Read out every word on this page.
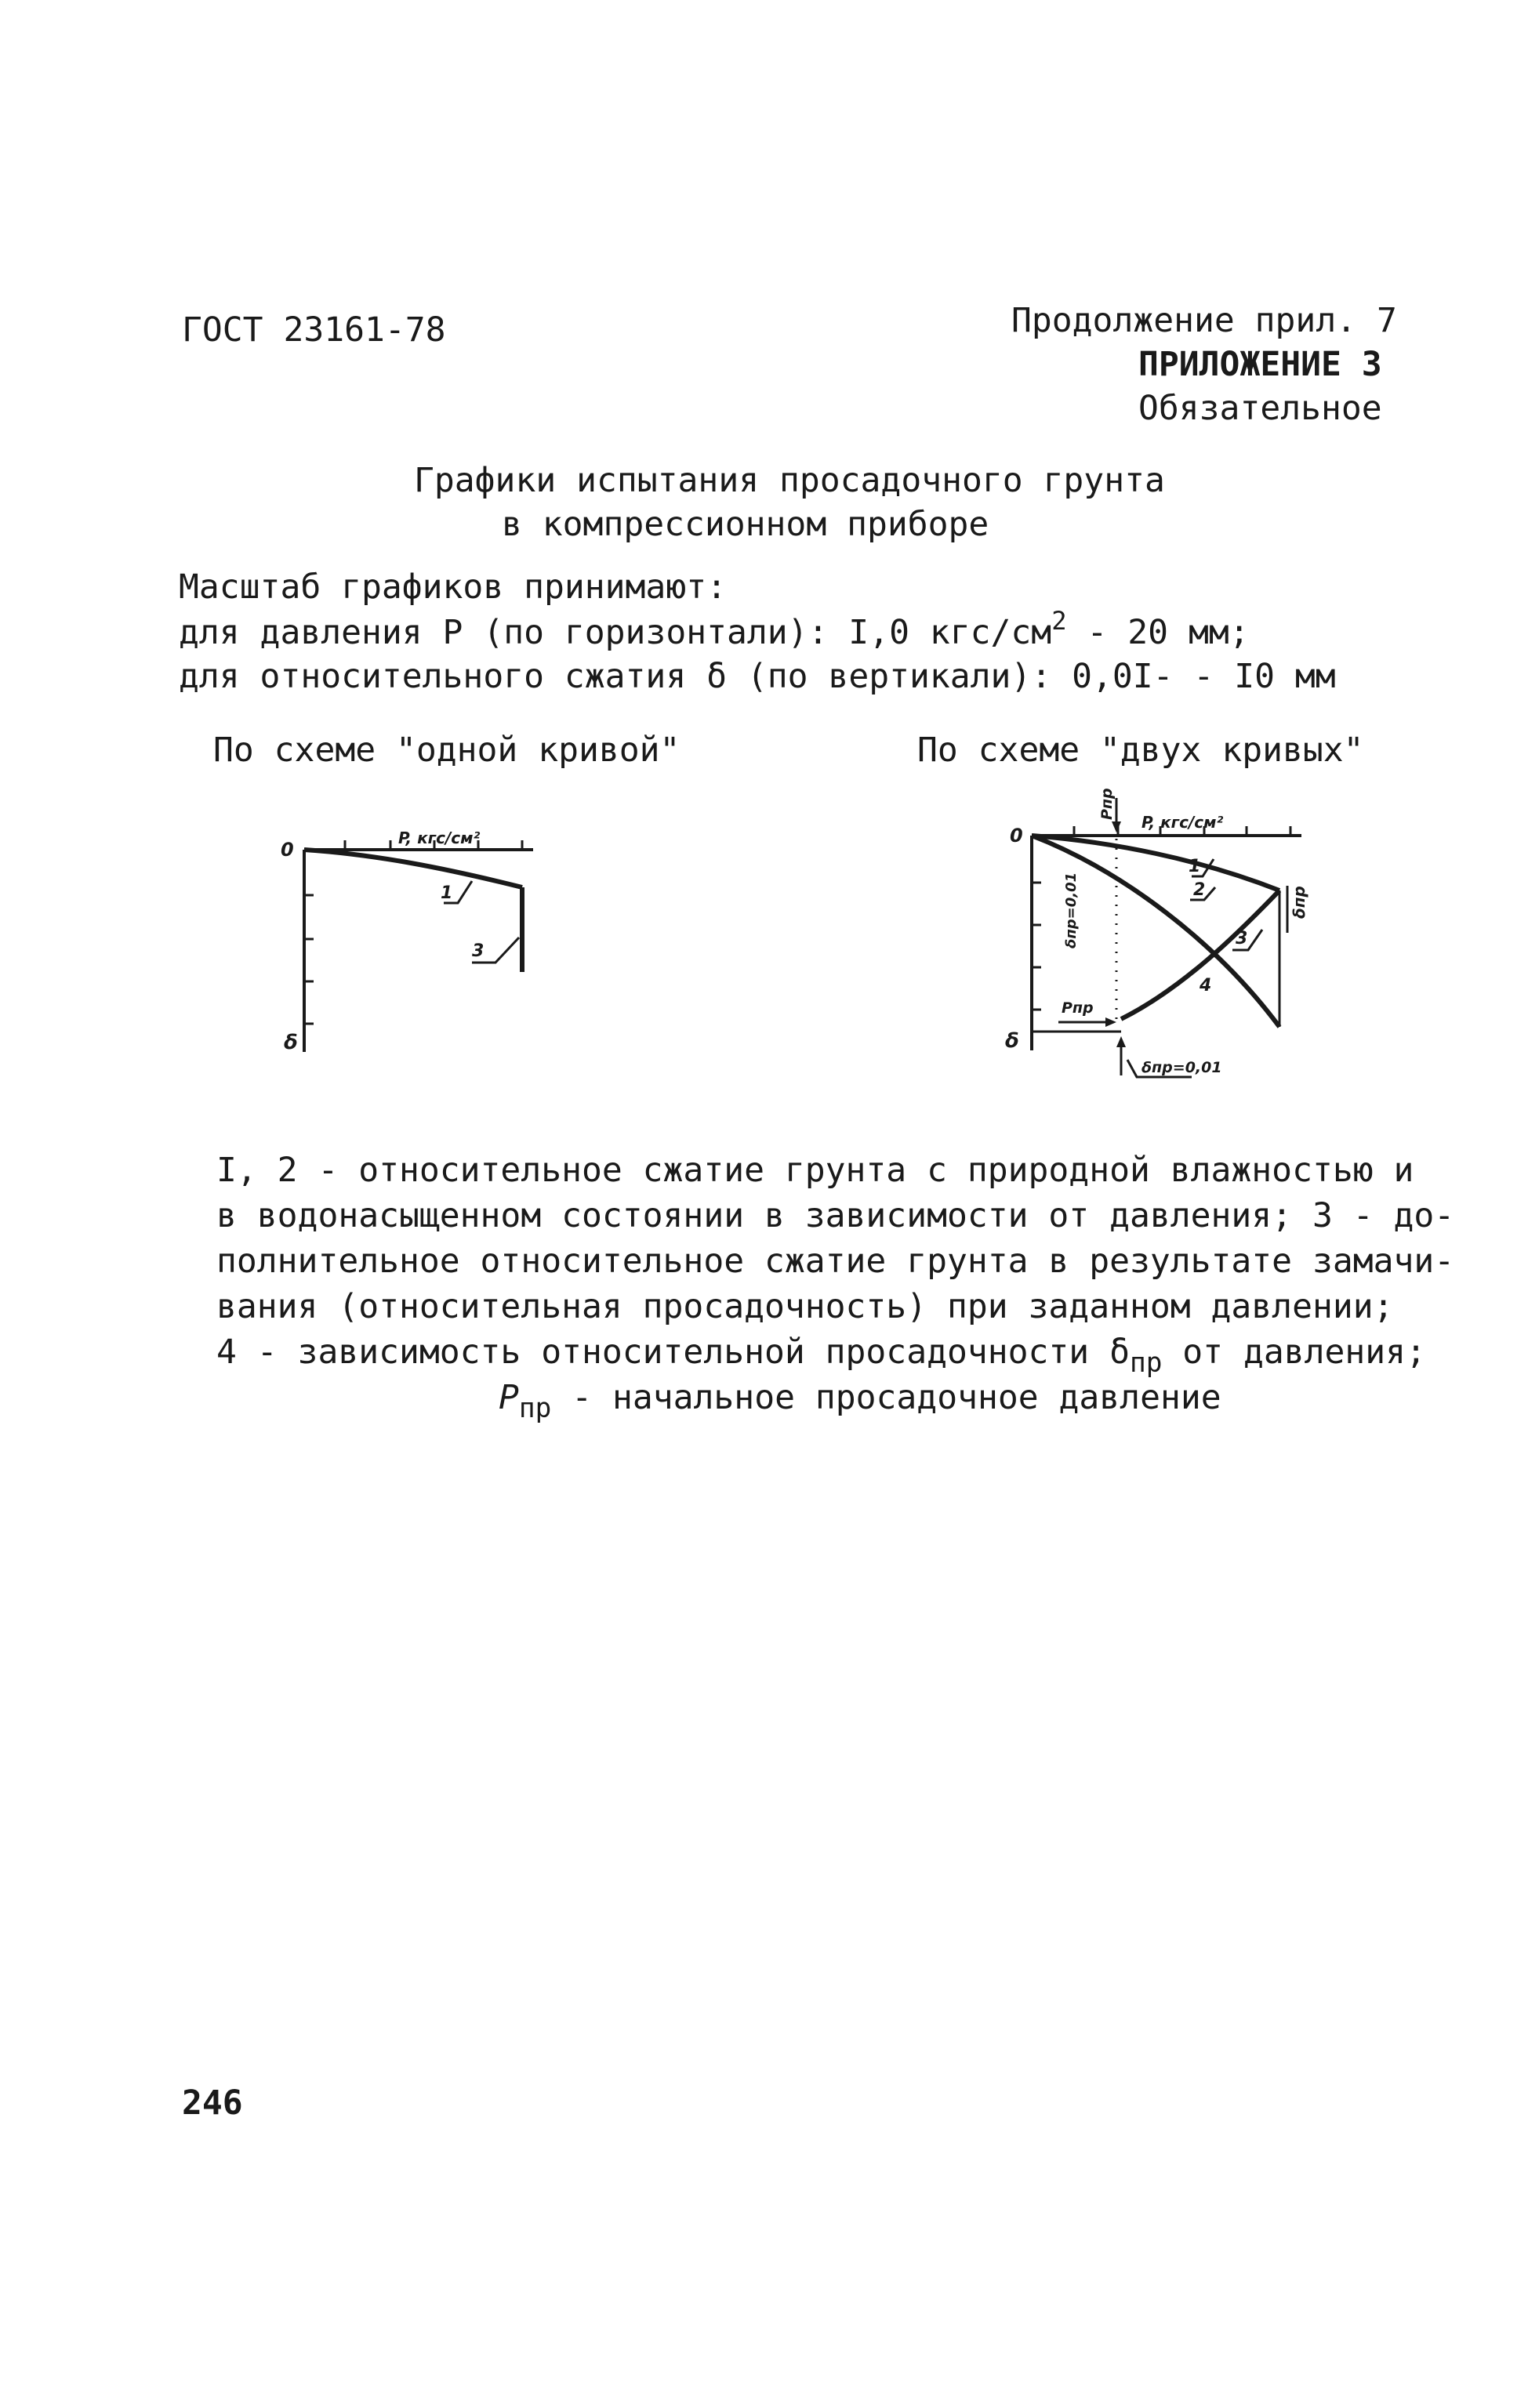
ГОСТ 23161-78	Продолжение прил. 7
ПРИЛОЖЕНИЕ 3
Обязательное
Графики испытания просадочного грунта
в компрессионном приборе
Масштаб графиков принимают:
для давления Р (по горизонтали): I,0 кгс/$см^2 - 20$ мм;
для относительного сжатия δ (по вертикали): 0,0I- - I0 мм
По схеме "одной кривой"	По схеме "двух кривых"
0
P, кгс/см²
δ
1
3
0
P, кгс/см²
δ
1
2
3
4
Pпр
δпр=0,01	δпр
Pпр
δпр=0,01
I, 2 - относительное сжатие грунта с природной влажностью и
в водонасыщенном состоянии в зависимости от давления; 3 - до-
полнительное относительное сжатие грунта в результате замачи-
вания (относительная просадочность) при заданном давлении;
4 - зависимость относительной просадочности $\delta_{пр}$ от давления;
$P_{пр}$ - начальное просадочное давление
246
